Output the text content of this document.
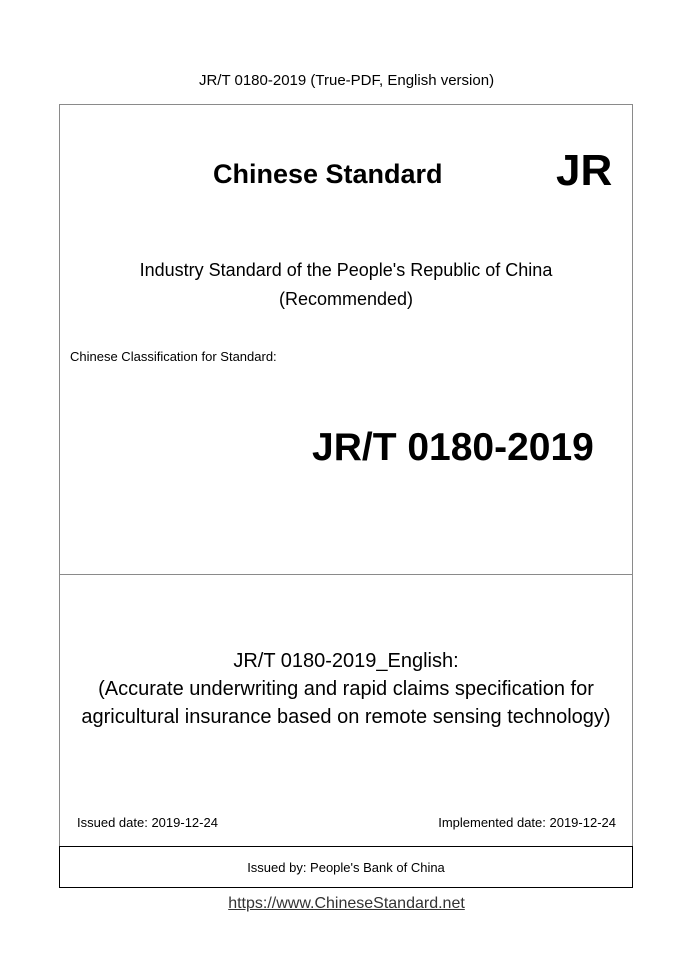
JR/T 0180-2019 (True-PDF, English version)
Chinese Standard	JR
Industry Standard of the People's Republic of China
(Recommended)
Chinese Classification for Standard:
JR/T 0180-2019
JR/T 0180-2019_English:
(Accurate underwriting and rapid claims specification for
agricultural insurance based on remote sensing technology)
Issued date: 2019-12-24	Implemented date: 2019-12-24
Issued by: People's Bank of China
https://www.ChineseStandard.net
